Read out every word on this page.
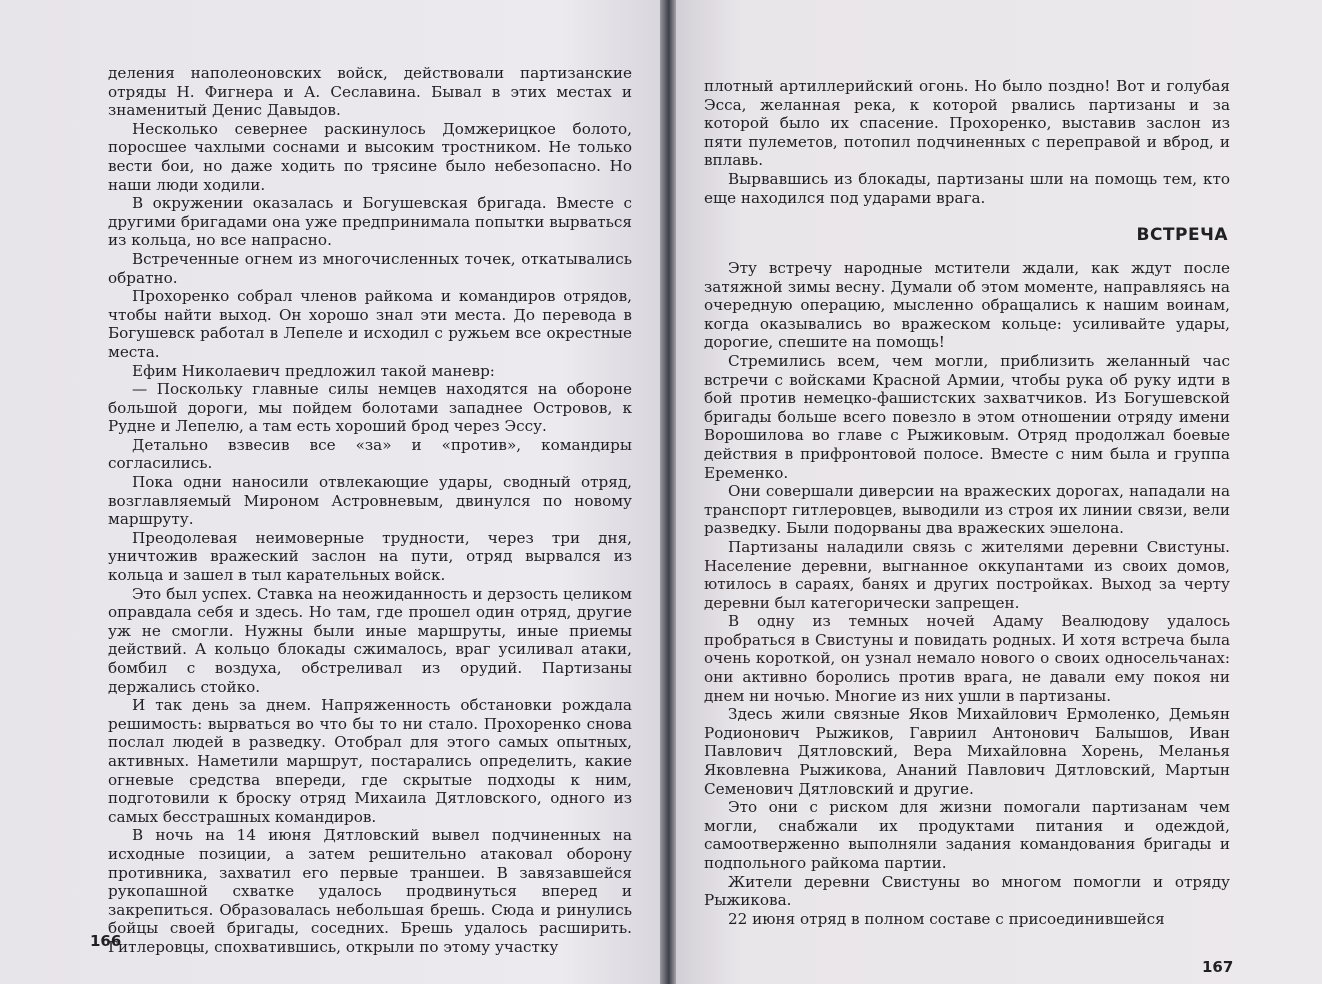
деления наполеоновских войск, действовали партизанские отряды Н. Фигнера и А. Сеславина. Бывал в этих местах и знаменитый Денис Давыдов.

Несколько севернее раскинулось Домжерицкое болото, поросшее чахлыми соснами и высоким тростником. Не только вести бои, но даже ходить по трясине было небезопасно. Но наши люди ходили.

В окружении оказалась и Богушевская бригада. Вместе с другими бригадами она уже предпринимала попытки вырваться из кольца, но все напрасно.

Встреченные огнем из многочисленных точек, откатывались обратно.

Прохоренко собрал членов райкома и командиров отрядов, чтобы найти выход. Он хорошо знал эти места. До перевода в Богушевск работал в Лепеле и исходил с ружьем все окрестные места.

Ефим Николаевич предложил такой маневр:

— Поскольку главные силы немцев находятся на обороне большой дороги, мы пойдем болотами западнее Островов, к Рудне и Лепелю, а там есть хороший брод через Эссу.

Детально взвесив все «за» и «против», командиры согласились.

Пока одни наносили отвлекающие удары, сводный отряд, возглавляемый Мироном Астровневым, двинулся по новому маршруту.

Преодолевая неимоверные трудности, через три дня, уничтожив вражеский заслон на пути, отряд вырвался из кольца и зашел в тыл карательных войск.

Это был успех. Ставка на неожиданность и дерзость целиком оправдала себя и здесь. Но там, где прошел один отряд, другие уж не смогли. Нужны были иные маршруты, иные приемы действий. А кольцо блокады сжималось, враг усиливал атаки, бомбил с воздуха, обстреливал из орудий. Партизаны держались стойко.

И так день за днем. Напряженность обстановки рождала решимость: вырваться во что бы то ни стало. Прохоренко снова послал людей в разведку. Отобрал для этого самых опытных, активных. Наметили маршрут, постарались определить, какие огневые средства впереди, где скрытые подходы к ним, подготовили к броску отряд Михаила Дятловского, одного из самых бесстрашных командиров.

В ночь на 14 июня Дятловский вывел подчиненных на исходные позиции, а затем решительно атаковал оборону противника, захватил его первые траншеи. В завязавшейся рукопашной схватке удалось продвинуться вперед и закрепиться. Образовалась небольшая брешь. Сюда и ринулись бойцы своей бригады, соседних. Брешь удалось расширить. Гитлеровцы, спохватившись, открыли по этому участку

166

плотный артиллерийский огонь. Но было поздно! Вот и голубая Эсса, желанная река, к которой рвались партизаны и за которой было их спасение. Прохоренко, выставив заслон из пяти пулеметов, потопил подчиненных с переправой и вброд, и вплавь.

Вырвавшись из блокады, партизаны шли на помощь тем, кто еще находился под ударами врага.

ВСТРЕЧА

Эту встречу народные мстители ждали, как ждут после затяжной зимы весну. Думали об этом моменте, направляясь на очередную операцию, мысленно обращались к нашим воинам, когда оказывались во вражеском кольце: усиливайте удары, дорогие, спешите на помощь!

Стремились всем, чем могли, приблизить желанный час встречи с войсками Красной Армии, чтобы рука об руку идти в бой против немецко-фашистских захватчиков. Из Богушевской бригады больше всего повезло в этом отношении отряду имени Ворошилова во главе с Рыжиковым. Отряд продолжал боевые действия в прифронтовой полосе. Вместе с ним была и группа Еременко.

Они совершали диверсии на вражеских дорогах, нападали на транспорт гитлеровцев, выводили из строя их линии связи, вели разведку. Были подорваны два вражеских эшелона.

Партизаны наладили связь с жителями деревни Свистуны. Население деревни, выгнанное оккупантами из своих домов, ютилось в сараях, банях и других постройках. Выход за черту деревни был категорически запрещен.

В одну из темных ночей Адаму Веалюдову удалось пробраться в Свистуны и повидать родных. И хотя встреча была очень короткой, он узнал немало нового о своих односельчанах: они активно боролись против врага, не давали ему покоя ни днем ни ночью. Многие из них ушли в партизаны.

Здесь жили связные Яков Михайлович Ермоленко, Демьян Родионович Рыжиков, Гавриил Антонович Балышов, Иван Павлович Дятловский, Вера Михайловна Хорень, Меланья Яковлевна Рыжикова, Ананий Павлович Дятловский, Мартын Семенович Дятловский и другие.

Это они с риском для жизни помогали партизанам чем могли, снабжали их продуктами питания и одеждой, самоотверженно выполняли задания командования бригады и подпольного райкома партии.

Жители деревни Свистуны во многом помогли и отряду Рыжикова.

22 июня отряд в полном составе с присоединившейся

167
